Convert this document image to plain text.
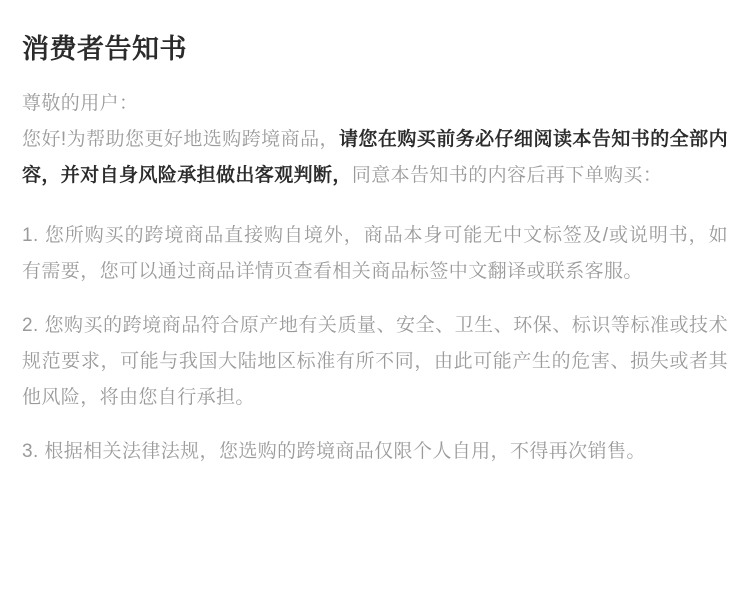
消费者告知书

尊敬的用户：

您好!为帮助您更好地选购跨境商品，请您在购买前务必仔细阅读本告知书的全部内容，并对自身风险承担做出客观判断，同意本告知书的内容后再下单购买：

1. 您所购买的跨境商品直接购自境外，商品本身可能无中文标签及/或说明书，如有需要，您可以通过商品详情页查看相关商品标签中文翻译或联系客服。

2. 您购买的跨境商品符合原产地有关质量、安全、卫生、环保、标识等标准或技术规范要求，可能与我国大陆地区标准有所不同，由此可能产生的危害、损失或者其他风险，将由您自行承担。

3. 根据相关法律法规，您选购的跨境商品仅限个人自用，不得再次销售。
